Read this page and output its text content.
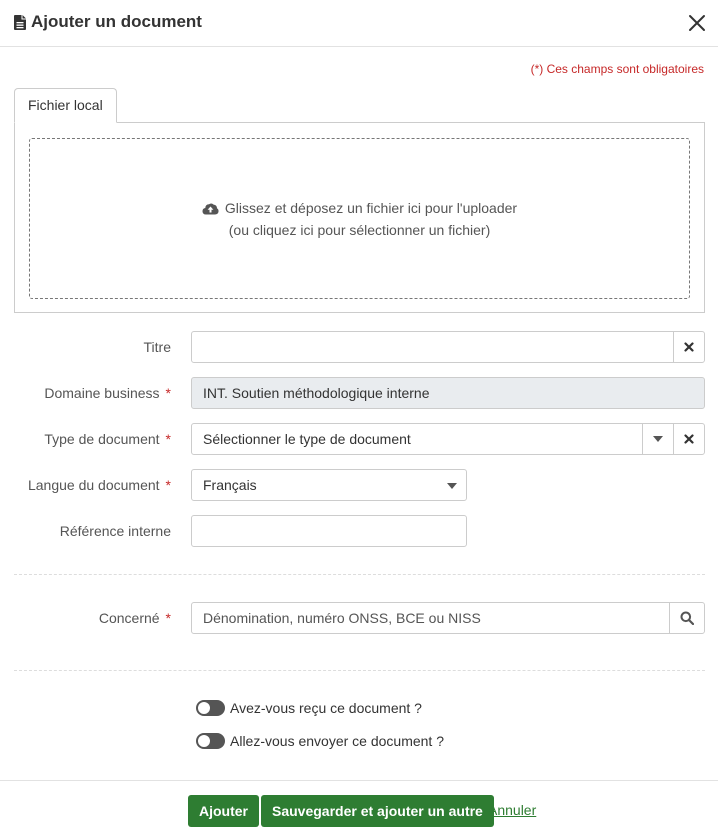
Ajouter un document
(*) Ces champs sont obligatoires
Fichier local
Glissez et déposez un fichier ici pour l'uploader
(ou cliquez ici pour sélectionner un fichier)
Titre
Domaine business * INT. Soutien méthodologique interne
Type de document * Sélectionner le type de document
Langue du document * Français
Référence interne
Concerné *
Dénomination, numéro ONSS, BCE ou NISS
Avez-vous reçu ce document ?
Allez-vous envoyer ce document ?
Ajouter	Sauvegarder et ajouter un autre Annuler
